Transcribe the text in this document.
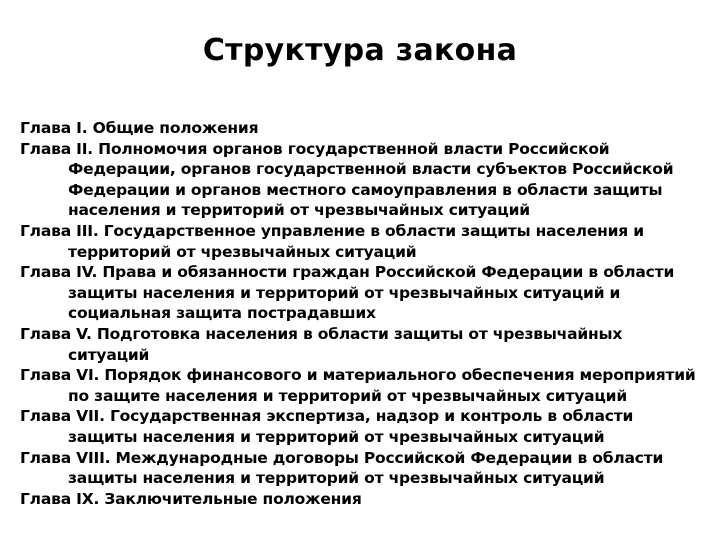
Структура закона
Глава I. Общие положения
Глава II. Полномочия органов государственной власти Российской Федерации, органов государственной власти субъектов Российской Федерации и органов местного самоуправления в области защиты населения и территорий от чрезвычайных ситуаций
Глава III. Государственное управление в области защиты населения и территорий от чрезвычайных ситуаций
Глава IV. Права и обязанности граждан Российской Федерации в области защиты населения и территорий от чрезвычайных ситуаций и социальная защита пострадавших
Глава V. Подготовка населения в области защиты от чрезвычайных ситуаций
Глава VI. Порядок финансового и материального обеспечения мероприятий по защите населения и территорий от чрезвычайных ситуаций
Глава VII. Государственная экспертиза, надзор и контроль в области защиты населения и территорий от чрезвычайных ситуаций
Глава VIII. Международные договоры Российской Федерации в области защиты населения и территорий от чрезвычайных ситуаций
Глава IX. Заключительные положения
